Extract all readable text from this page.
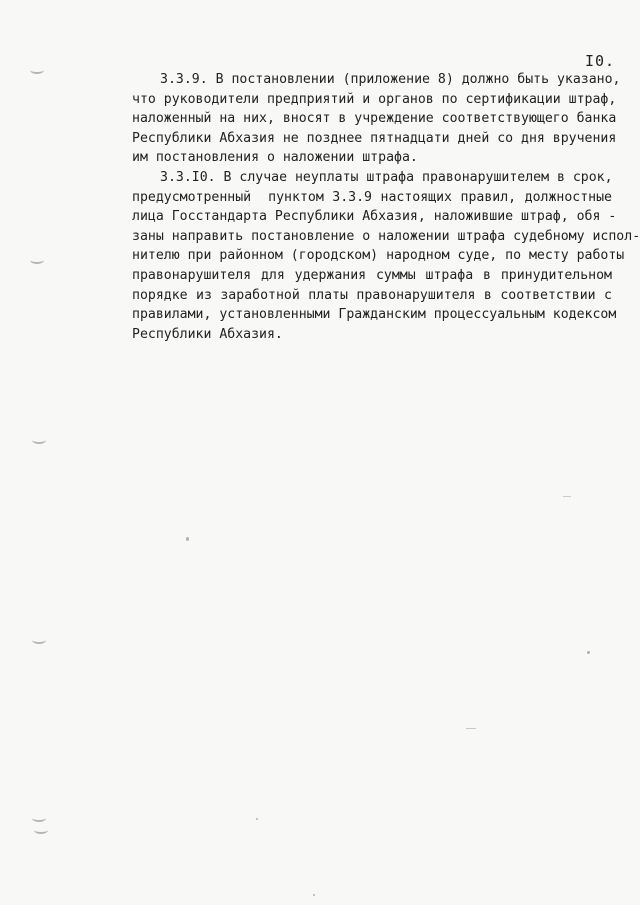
I0.
3.3.9. В постановлении (приложение 8) должно быть указано,
что руководители предприятий и органов по сертификации штраф,
наложенный на них, вносят в учреждение соответствующего банка
Республики Абхазия не позднее пятнадцати дней со дня вручения
им постановления о наложении штрафа.
3.3.I0. В случае неуплаты штрафа правонарушителем в срок,
предусмотренный  пунктом 3.3.9 настоящих правил, должностные
лица Госстандарта Республики Абхазия, наложившие штраф, обя -
заны направить постановление о наложении штрафа судебному испол-
нителю при районном (городском) народном суде, по месту работы
правонарушителя для удержания суммы штрафа в принудительном
порядке из заработной платы правонарушителя в соответствии с
правилами, установленными Гражданским процессуальным кодексом
Республики Абхазия.
